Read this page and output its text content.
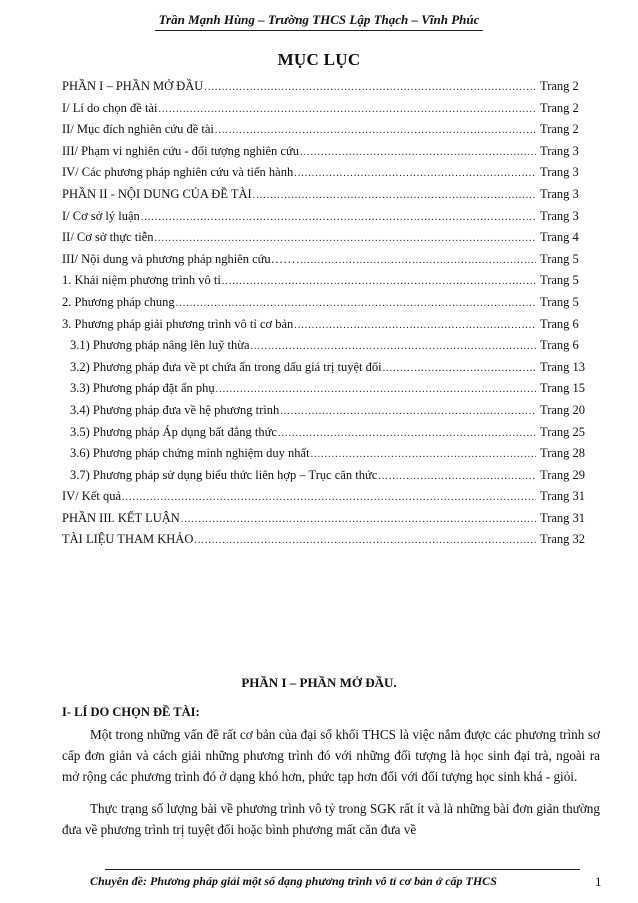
Trần Mạnh Hùng – Trường THCS Lập Thạch – Vĩnh Phúc
MỤC LỤC
PHẦN I – PHẦN MỞ ĐẦU .....	Trang 2
I/ Lí do chọn đề tài .....	Trang 2
II/ Mục đích nghiên cứu đề tài .....	Trang 2
III/ Phạm vi nghiên cứu - đối tượng nghiên cứu .....	Trang 3
IV/ Các phương pháp nghiên cứu và tiến hành .....	Trang 3
PHẦN II - NỘI DUNG CỦA ĐỀ TÀI .....	Trang 3
I/ Cơ sở lý luận .....	Trang 3
II/ Cơ sở thực tiễn .....	Trang 4
III/ Nội dung và phương pháp nghiên cứu…… .....	Trang 5
1. Khái niệm phương trình vô tỉ .....	Trang 5
2. Phương pháp chung .....	Trang 5
3. Phương pháp giải phương trình vô tỉ cơ bản .....	Trang 6
3.1) Phương pháp nâng lên luỹ thừa .....	Trang 6
3.2) Phương pháp đưa về pt chứa ẩn trong dấu giá trị tuyệt đối .....	Trang 13
3.3) Phương pháp đặt ẩn phụ .....	Trang 15
3.4) Phương pháp đưa về hệ phương trình .....	Trang 20
3.5) Phương pháp Áp dụng bất đẳng thức .....	Trang 25
3.6) Phương pháp chứng minh nghiệm duy nhất .....	Trang 28
3.7) Phương pháp sử dụng biểu thức liên hợp – Trục căn thức .....	Trang 29
IV/ Kết quả .....	Trang 31
PHẦN III. KẾT LUẬN .....	Trang 31
TÀI LIỆU THAM KHẢO .....	Trang 32
PHẦN I – PHẦN MỞ ĐẦU.
I- LÍ DO CHỌN ĐỀ TÀI:

Một trong những vấn đề rất cơ bản của đại số khối THCS là việc nắm được các phương trình sơ cấp đơn giản và cách giải những phương trình đó với những đối tượng là học sinh đại trà, ngoài ra mở rộng các phương trình đó ở dạng khó hơn, phức tạp hơn đối với đối tượng học sinh khá - giỏi.

Thực trạng số lượng bài về phương trình vô tỷ trong SGK rất ít và là những bài đơn giản thường đưa về phương trình trị tuyệt đối hoặc bình phương mất căn đưa về

Chuyên đề: Phương pháp giải một số dạng phương trình vô tỉ cơ bản ở cấp THCS	1
